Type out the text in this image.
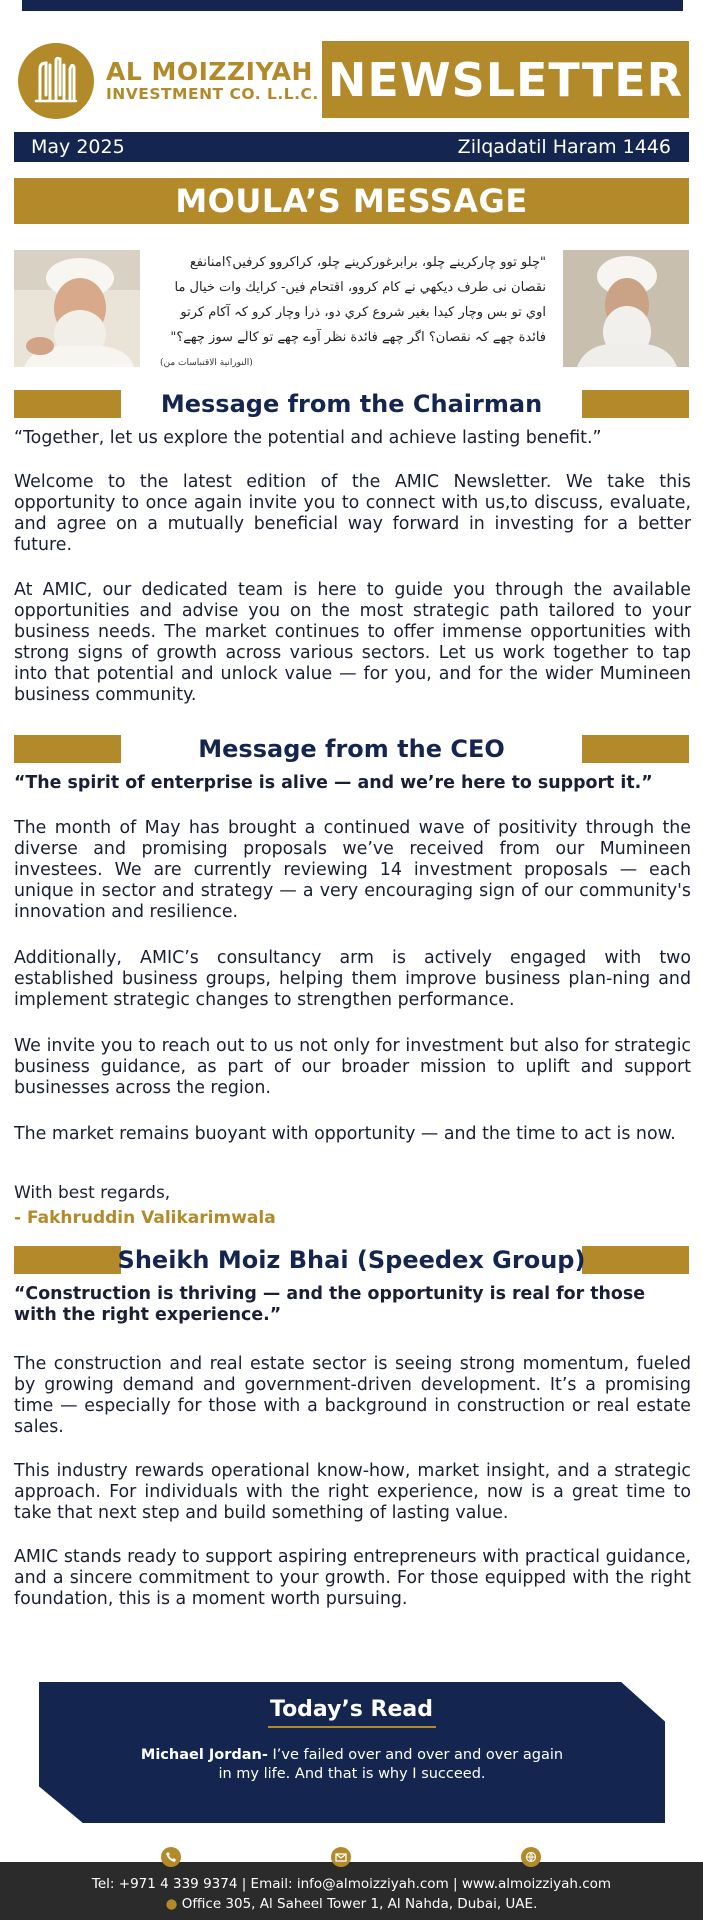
AL MOIZZIYAH
INVESTMENT CO. L.L.C. NEWSLETTER
May 2025	Zilqadatil Haram 1446
MOULA’S MESSAGE
"چلو توو چاركرينے چلو، برابرغوركرينے چلو، كراكروو كرفيں؟امنانفع نقصان نى طرف ديكھي نے كام كروو، اقتحام فيں- كرايك وات خيال ما اوي تو بس وچار كيدا بغير شروع كري دو، ذرا وچار كرو كہ آكام كرتو فائدة چھے كہ نقصان؟ اگر چھے فائدة نظر آوے چھے تو كالے سوز چھے؟"
(النورانية الاقتباسات من)
Message from the Chairman

“Together, let us explore the potential and achieve lasting benefit.”

Welcome to the latest edition of the AMIC Newsletter. We take this opportunity to once again invite you to connect with us,to discuss, evaluate, and agree on a mutually beneficial way forward in investing for a better future.

At AMIC, our dedicated team is here to guide you through the available opportunities and advise you on the most strategic path tailored to your business needs. The market continues to offer immense opportunities with strong signs of growth across various sectors. Let us work together to tap into that potential and unlock value — for you, and for the wider Mumineen business community.

Message from the CEO

“The spirit of enterprise is alive — and we’re here to support it.”

The month of May has brought a continued wave of positivity through the diverse and promising proposals we’ve received from our Mumineen investees. We are currently reviewing 14 investment proposals — each unique in sector and strategy — a very encouraging sign of our community's innovation and resilience.

Additionally, AMIC’s consultancy arm is actively engaged with two established business groups, helping them improve business plan-ning and implement strategic changes to strengthen performance.

We invite you to reach out to us not only for investment but also for strategic business guidance, as part of our broader mission to uplift and support businesses across the region.

The market remains buoyant with opportunity — and the time to act is now.

With best regards,
- Fakhruddin Valikarimwala
Sheikh Moiz Bhai (Speedex Group)

“Construction is thriving — and the opportunity is real for those with the right experience.”

The construction and real estate sector is seeing strong momentum, fueled by growing demand and government-driven development. It’s a promising time — especially for those with a background in construction or real estate sales.

This industry rewards operational know-how, market insight, and a strategic approach. For individuals with the right experience, now is a great time to take that next step and build something of lasting value.

AMIC stands ready to support aspiring entrepreneurs with practical guidance, and a sincere commitment to your growth. For those equipped with the right foundation, this is a moment worth pursuing.

Today’s Read
Michael Jordan- I’ve failed over and over and over again in my life. And that is why I succeed.
Tel: +971 4 339 9374 | Email: info@almoizziyah.com | www.almoizziyah.com
● Office 305, Al Saheel Tower 1, Al Nahda, Dubai, UAE.
